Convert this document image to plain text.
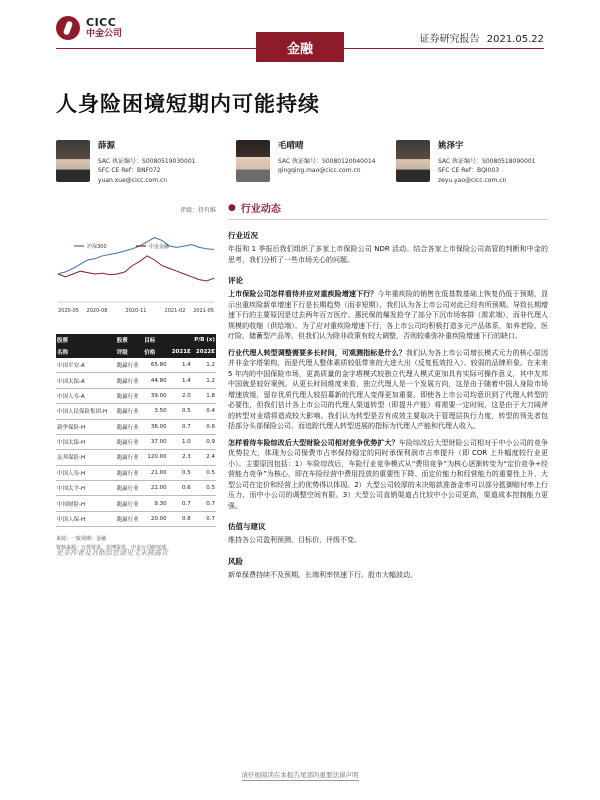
CICC
中金公司	证券研究报告 2021.05.22
金融
人身险困境短期内可能持续
薛源
SAC 执证编号：S0080519030001
SFC CE Ref：BNF072
yuan.xue@cicc.com.cn
毛晴晴
SAC 执证编号：S0080120040014
qingqing.mao@cicc.com.cn
姚泽宇
SAC 执证编号：S0080518090001
SFC CE Ref：BQI003
zeyu.yao@cicc.com.cn
评级：持有维
沪深300	中金金融
2020-05 2020-08	2020-11	2021-02 2021-05
股票	股票	目标	P/B (x)	
名称	评级	价格	2021E	2022E
中国平安-A	跑赢行业	65.80	1.4	1.2
中国太保-A	跑赢行业	44.80	1.4	1.2
中国人寿-A	跑赢行业	39.00	2.0	1.8
中国人民保险集团-H	跑赢行业	3.50	0.5	0.4
新华保险-H	跑赢行业	36.00	0.7	0.6
中国太保-H	跑赢行业	37.00	1.0	0.9
友邦保险-H	跑赢行业	120.00	2.3	2.4
中国人寿-H	跑赢行业	21.00	0.5	0.5
中国太平-H	跑赢行业	22.00	0.6	0.5
中国财险-H	跑赢行业	9.30	0.7	0.7
中国人保-H	跑赢行业	20.00	0.8	0.7
来源：一致预期：金融
资料来源：万得资讯、彭博资讯、中金公司研究部
更多作者及其他信息请见文末披露页
● 行业动态
行业近况
年报和 1 季报后我们组织了多家上市保险公司 NDR 活动。结合各家上市保险公司高管的判断和中金的思考，我们分析了一些市场关心的问题。
评论
上市保险公司怎样看待并应对重疾险增速下行？今年重疾险的销售在低基数基础上恢复仍低于预期，显示出重疾险新单增速下行是长期趋势（而非短期），我们认为各上市公司对此已经有所预期。导致长期增速下行的主要原因是过去两年百万医疗、惠民保的爆发抢夺了部分下沉市场客群（需求端），而非代理人规模的收缩（供给端）。为了应对重疾险增速下行，各上市公司均积极打造多元产品体系，如养老险、医疗险、储蓄型产品等。但我们认为除非政策有较大调整，否则较难弥补重疾险增速下行的缺口。
行业代理人转型调整需要多长时间，可观测指标是什么？我们认为各上市公司增长模式元力的核心原因并非金字塔架构，而是代理人整体素质较低带来的大进大出（反复低效投入）、较弱的品牌形象。在未来 5 年内的中国保险市场，更高质量的金字塔模式较独立代理人模式更加具有实际可操作意义，其中友邦中国就是较好案例。从更长时间维度来看，独立代理人是一个发展方向，这是由于随着中国人身险市场增速放缓，留存优质代理人较招募新的代理人变得更加重要。即使各上市公司均意识到了代理人转型的必要性，但我们估计各上市公司的代理人渠道转型（即提升产能）将需要一定时间，这是由于大刀阔斧的转型对业绩将造成较大影响。我们认为转型是否有成效主要取决于管理层执行力度，转型的领先者包括部分头部保险公司。而追踪代理人转型进展的指标为代理人产能和代理人收入。
怎样看待车险综改后大型财险公司相对竞争优势扩大？车险综改后大型财险公司相对于中小公司的竞争优势拉大，体现为公司保费市占率保持稳定的同时承保利润市占率提升（即 COR 上升幅度较行业更小）。主要原因包括：1）车险综改后，车险行业竞争模式从“费用竞争”为核心逐渐转变为“定价竞争+经营能力竞争”为核心，即在车险经营中费用投放的重要性下降、而定价能力和经营能力的重要性上升，大型公司在定价和经营上的优势得以体现。2）大型公司较厚的未决赔款准备金率可以部分抵御赔付率上行压力，而中小公司的调整空间有限。3）大型公司直销渠道占比较中小公司更高，渠道成本控制能力更强。
估值与建议
维持各公司盈利预测、目标价、评级不变。
风险
新单保费持续不及预期。长端利率快速下行。股市大幅波动。
请仔细阅读在本报告尾部的重要法律声明
